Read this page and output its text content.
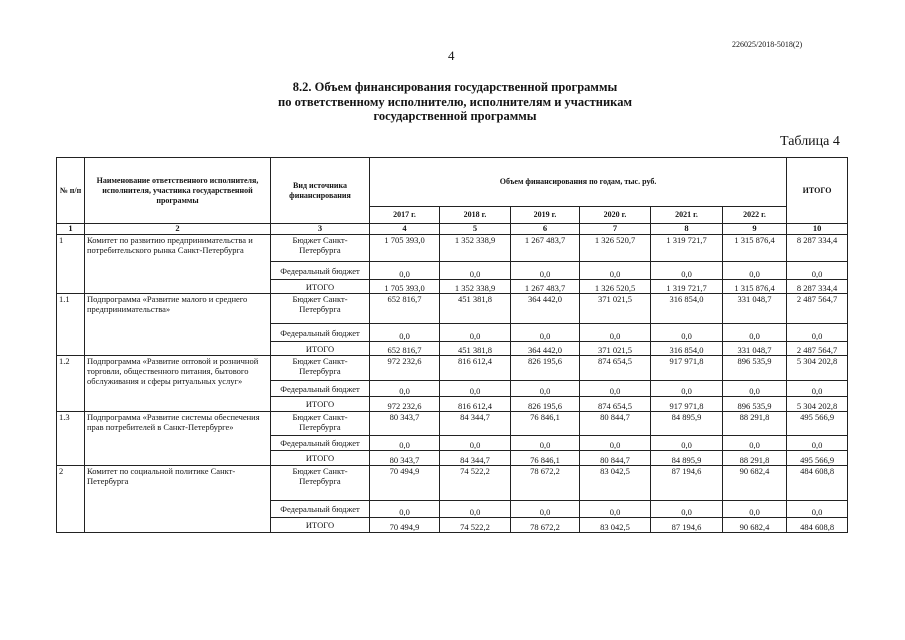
226025/2018-5018(2)
4
8.2. Объем финансирования государственной программы
по ответственному исполнителю, исполнителям и участникам
государственной программы
Таблица 4
№ п/п	Наименование ответственного исполнителя, исполнителя, участника государственной программы	Вид источника финансирования	Объем финансирования по годам, тыс. руб.						ИТОГО
			2017 г.	2018 г.	2019 г.	2020 г.	2021 г.	2022 г.	
1	2	3	4	5	6	7	8	9	10
1	Комитет по развитию предпринимательства и потребительского рынка Санкт-Петербурга	Бюджет Санкт-Петербурга	1 705 393,0	1 352 338,9	1 267 483,7	1 326 520,7	1 319 721,7	1 315 876,4	8 287 334,4
		Федеральный бюджет	0,0	0,0	0,0	0,0	0,0	0,0	0,0
		ИТОГО	1 705 393,0	1 352 338,9	1 267 483,7	1 326 520,5	1 319 721,7	1 315 876,4	8 287 334,4
1.1	Подпрограмма «Развитие малого и среднего предпринимательства»	Бюджет Санкт-Петербурга	652 816,7	451 381,8	364 442,0	371 021,5	316 854,0	331 048,7	2 487 564,7
		Федеральный бюджет	0,0	0,0	0,0	0,0	0,0	0,0	0,0
		ИТОГО	652 816,7	451 381,8	364 442,0	371 021,5	316 854,0	331 048,7	2 487 564,7
1.2	Подпрограмма «Развитие оптовой и розничной торговли, общественного питания, бытового обслуживания и сферы ритуальных услуг»	Бюджет Санкт-Петербурга	972 232,6	816 612,4	826 195,6	874 654,5	917 971,8	896 535,9	5 304 202,8
		Федеральный бюджет	0,0	0,0	0,0	0,0	0,0	0,0	0,0
		ИТОГО	972 232,6	816 612,4	826 195,6	874 654,5	917 971,8	896 535,9	5 304 202,8
1.3	Подпрограмма «Развитие системы обеспечения прав потребителей в Санкт-Петербурге»	Бюджет Санкт-Петербурга	80 343,7	84 344,7	76 846,1	80 844,7	84 895,9	88 291,8	495 566,9
		Федеральный бюджет	0,0	0,0	0,0	0,0	0,0	0,0	0,0
		ИТОГО	80 343,7	84 344,7	76 846,1	80 844,7	84 895,9	88 291,8	495 566,9
2	Комитет по социальной политике Санкт-Петербурга	Бюджет Санкт-Петербурга	70 494,9	74 522,2	78 672,2	83 042,5	87 194,6	90 682,4	484 608,8
		Федеральный бюджет	0,0	0,0	0,0	0,0	0,0	0,0	0,0
		ИТОГО	70 494,9	74 522,2	78 672,2	83 042,5	87 194,6	90 682,4	484 608,8
